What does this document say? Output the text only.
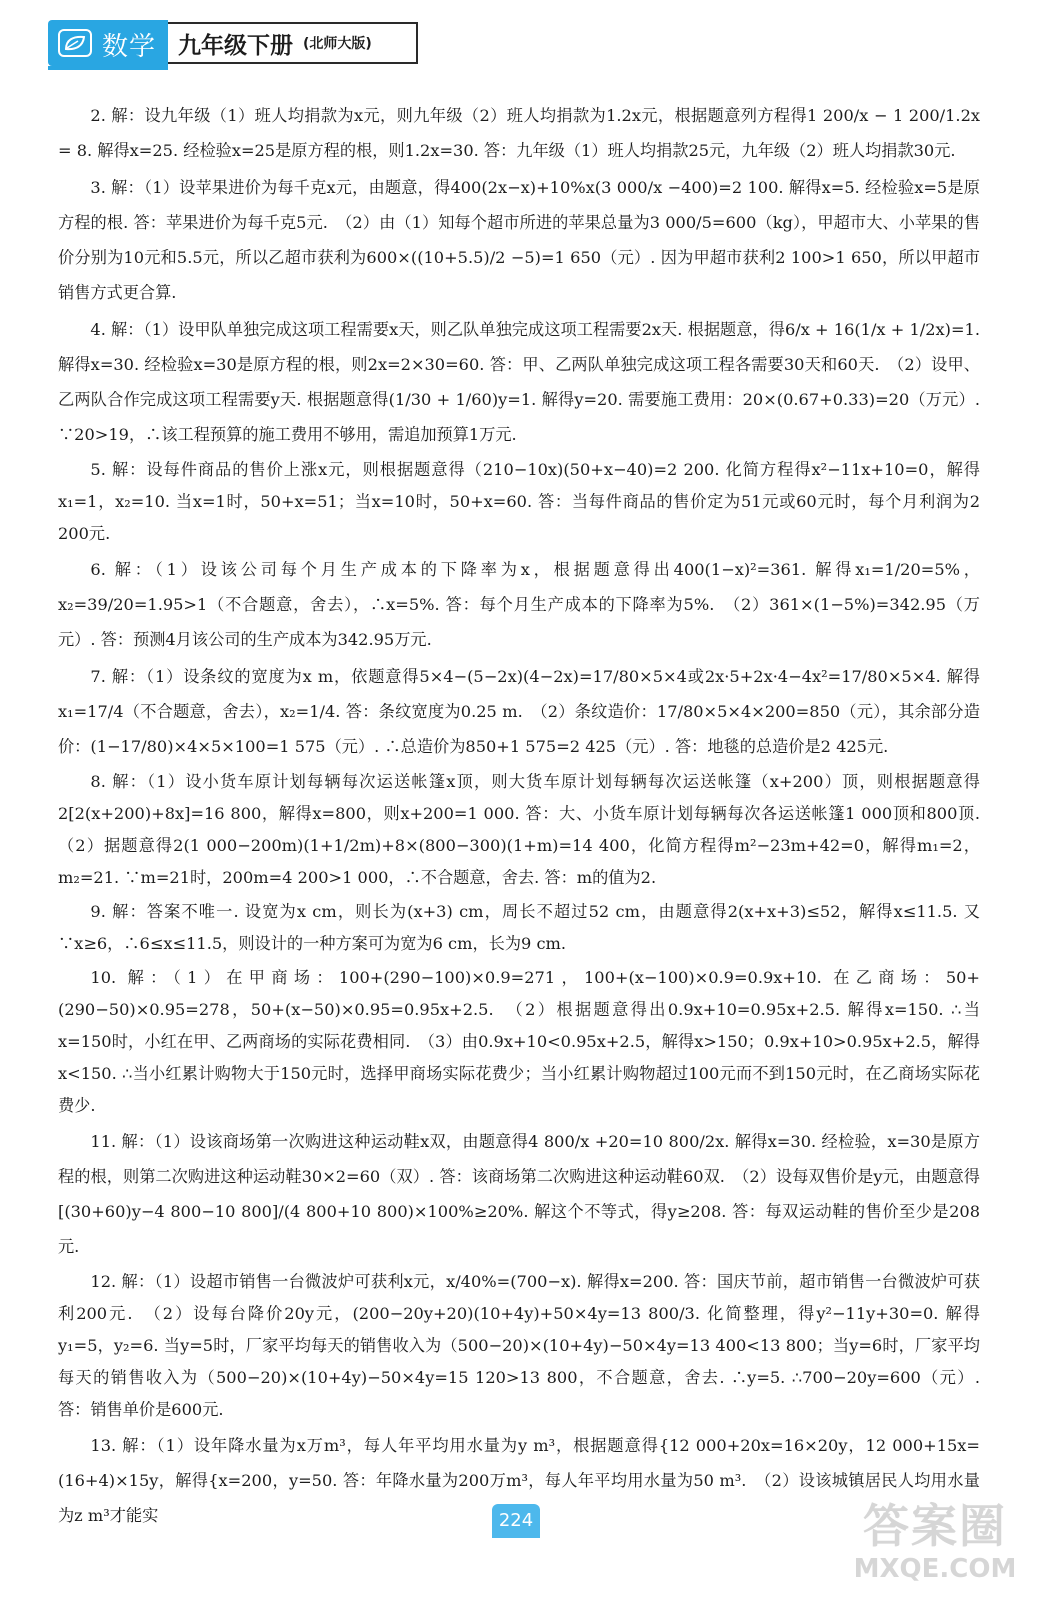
数学 九年级下册 (北师大版)

2. 解：设九年级（1）班人均捐款为x元，则九年级（2）班人均捐款为1.2x元，根据题意列方程得1 200/x − 1 200/1.2x = 8. 解得x=25. 经检验x=25是原方程的根，则1.2x=30. 答：九年级（1）班人均捐款25元，九年级（2）班人均捐款30元.

3. 解：（1）设苹果进价为每千克x元，由题意，得400(2x−x)+10%x(3 000/x −400)=2 100. 解得x=5. 经检验x=5是原方程的根. 答：苹果进价为每千克5元.　（2）由（1）知每个超市所进的苹果总量为3 000/5=600（kg），甲超市大、小苹果的售价分别为10元和5.5元，所以乙超市获利为600×((10+5.5)/2 −5)=1 650（元）. 因为甲超市获利2 100>1 650，所以甲超市销售方式更合算.

4. 解：（1）设甲队单独完成这项工程需要x天，则乙队单独完成这项工程需要2x天. 根据题意，得6/x + 16(1/x + 1/2x)=1. 解得x=30. 经检验x=30是原方程的根，则2x=2×30=60. 答：甲、乙两队单独完成这项工程各需要30天和60天.　（2）设甲、乙两队合作完成这项工程需要y天. 根据题意得(1/30 + 1/60)y=1. 解得y=20. 需要施工费用：20×(0.67+0.33)=20（万元）. ∵20>19，∴该工程预算的施工费用不够用，需追加预算1万元.

5. 解：设每件商品的售价上涨x元，则根据题意得（210−10x)(50+x−40)=2 200. 化简方程得x²−11x+10=0，解得x₁=1，x₂=10. 当x=1时，50+x=51；当x=10时，50+x=60. 答：当每件商品的售价定为51元或60元时，每个月利润为2 200元.

6. 解：（1）设该公司每个月生产成本的下降率为x，根据题意得出400(1−x)²=361. 解得x₁=1/20=5%，x₂=39/20=1.95>1（不合题意，舍去），∴x=5%. 答：每个月生产成本的下降率为5%.　（2）361×(1−5%)=342.95（万元）. 答：预测4月该公司的生产成本为342.95万元.

7. 解：（1）设条纹的宽度为x m，依题意得5×4−(5−2x)(4−2x)=17/80×5×4或2x·5+2x·4−4x²=17/80×5×4. 解得x₁=17/4（不合题意，舍去），x₂=1/4. 答：条纹宽度为0.25 m.　（2）条纹造价：17/80×5×4×200=850（元），其余部分造价：(1−17/80)×4×5×100=1 575（元）. ∴总造价为850+1 575=2 425（元）. 答：地毯的总造价是2 425元.

8. 解：（1）设小货车原计划每辆每次运送帐篷x顶，则大货车原计划每辆每次运送帐篷（x+200）顶，则根据题意得2[2(x+200)+8x]=16 800，解得x=800，则x+200=1 000. 答：大、小货车原计划每辆每次各运送帐篷1 000顶和800顶.　（2）据题意得2(1 000−200m)(1+1/2m)+8×(800−300)(1+m)=14 400，化简方程得m²−23m+42=0，解得m₁=2，m₂=21. ∵m=21时，200m=4 200>1 000，∴不合题意，舍去. 答：m的值为2.

9. 解：答案不唯一. 设宽为x cm，则长为(x+3) cm，周长不超过52 cm，由题意得2(x+x+3)≤52，解得x≤11.5. 又∵x≥6，∴6≤x≤11.5，则设计的一种方案可为宽为6 cm，长为9 cm.

10. 解：（1）在甲商场：100+(290−100)×0.9=271，100+(x−100)×0.9=0.9x+10. 在乙商场：50+(290−50)×0.95=278，50+(x−50)×0.95=0.95x+2.5.　（2）根据题意得出0.9x+10=0.95x+2.5. 解得x=150. ∴当x=150时，小红在甲、乙两商场的实际花费相同.　（3）由0.9x+10<0.95x+2.5，解得x>150；0.9x+10>0.95x+2.5，解得x<150. ∴当小红累计购物大于150元时，选择甲商场实际花费少；当小红累计购物超过100元而不到150元时，在乙商场实际花费少.

11. 解：（1）设该商场第一次购进这种运动鞋x双，由题意得4 800/x +20=10 800/2x. 解得x=30. 经检验，x=30是原方程的根，则第二次购进这种运动鞋30×2=60（双）. 答：该商场第二次购进这种运动鞋60双.　（2）设每双售价是y元，由题意得[(30+60)y−4 800−10 800]/(4 800+10 800)×100%≥20%. 解这个不等式，得y≥208. 答：每双运动鞋的售价至少是208元.

12. 解：（1）设超市销售一台微波炉可获利x元，x/40%=(700−x). 解得x=200. 答：国庆节前，超市销售一台微波炉可获利200元.　（2）设每台降价20y元，(200−20y+20)(10+4y)+50×4y=13 800/3. 化简整理，得y²−11y+30=0. 解得y₁=5，y₂=6. 当y=5时，厂家平均每天的销售收入为（500−20)×(10+4y)−50×4y=13 400<13 800；当y=6时，厂家平均每天的销售收入为（500−20)×(10+4y)−50×4y=15 120>13 800，不合题意，舍去. ∴y=5. ∴700−20y=600（元）. 答：销售单价是600元.

13. 解：（1）设年降水量为x万m³，每人年平均用水量为y m³，根据题意得{12 000+20x=16×20y，12 000+15x=(16+4)×15y，解得{x=200，y=50. 答：年降水量为200万m³，每人年平均用水量为50 m³.　（2）设该城镇居民人均用水量为z m³才能实	224	答案圈
MXQE.COM
